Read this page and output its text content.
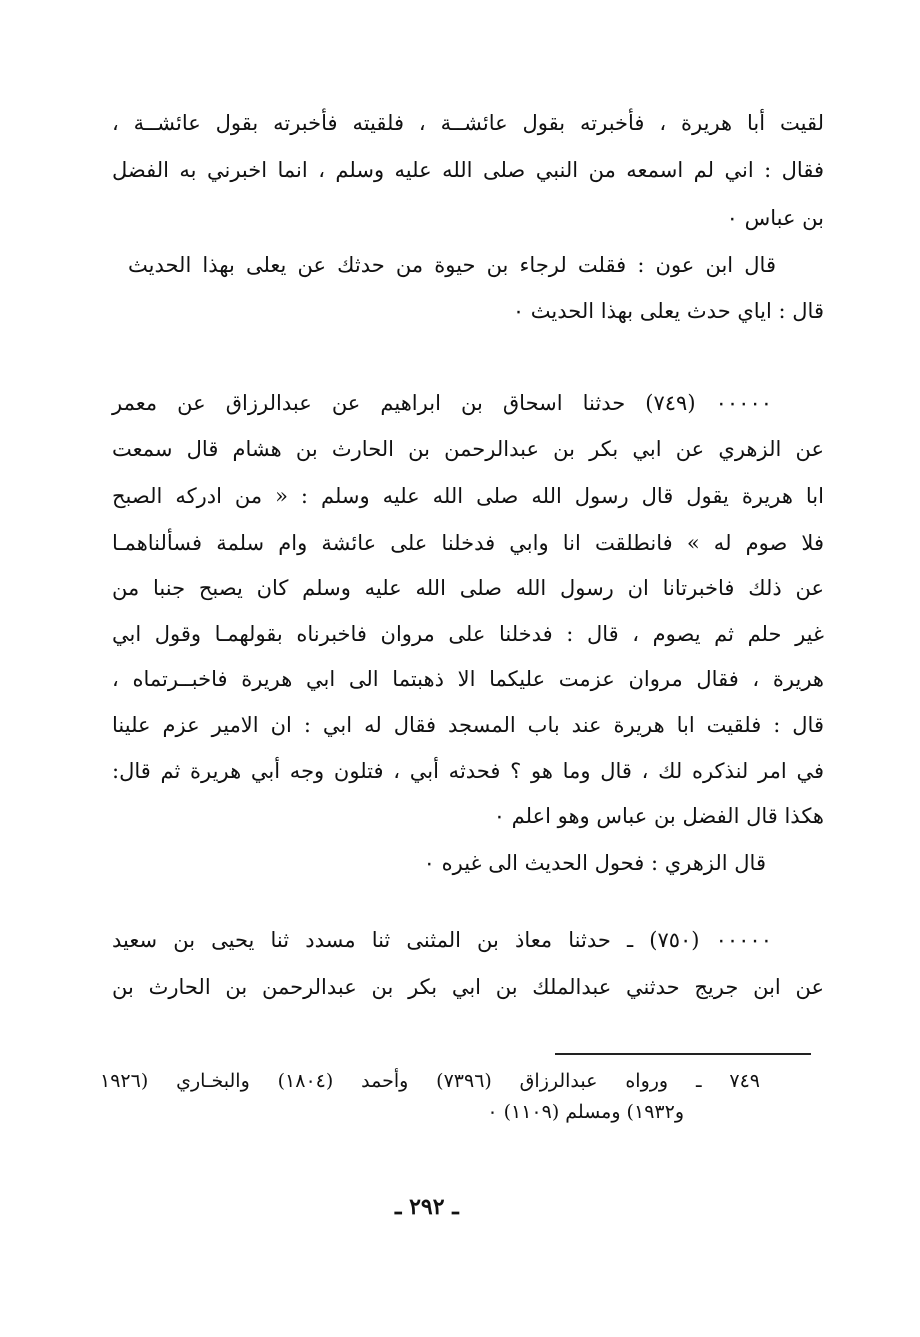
لقيت أبا هريرة ، فأخبرته بقول عائشــة ، فلقيته فأخبرته بقول عائشــة ،
فقال : اني لم اسمعه من النبي صلى الله عليه وسلم ، انما اخبرني به الفضل
بن عباس ٠
قال ابن عون : فقلت لرجاء بن حيوة من حدثك عن يعلى بهذا الحديث
قال : اياي حدث يعلى بهذا الحديث ٠
٠٠٠٠٠ (٧٤٩) حدثنا اسحاق بن ابراهيم عن عبدالرزاق عن معمر
عن الزهري عن ابي بكر بن عبدالرحمن بن الحارث بن هشام قال سمعت
ابا هريرة يقول قال رسول الله صلى الله عليه وسلم : « من ادركه الصبح
فلا صوم له » فانطلقت انا وابي فدخلنا على عائشة وام سلمة فسألناهمـا
عن ذلك فاخبرتانا ان رسول الله صلى الله عليه وسلم كان يصبح جنبا من
غير حلم ثم يصوم ، قال : فدخلنا على مروان فاخبرناه بقولهمـا وقول ابي
هريرة ، فقال مروان عزمت عليكما الا ذهبتما الى ابي هريرة فاخبــرتماه ،
قال : فلقيت ابا هريرة عند باب المسجد فقال له ابي : ان الامير عزم علينا
في امر لنذكره لك ، قال وما هو ؟ فحدثه أبي ، فتلون وجه أبي هريرة ثم قال:
هكذا قال الفضل بن عباس وهو اعلم ٠
قال الزهري : فحول الحديث الى غيره ٠
٠٠٠٠٠ (٧٥٠) ـ حدثنا معاذ بن المثنى ثنا مسدد ثنا يحيى بن سعيد
عن ابن جريج حدثني عبدالملك بن ابي بكر بن عبدالرحمن بن الحارث بن
٧٤٩ ـ ورواه عبدالرزاق (٧٣٩٦) وأحمد (١٨٠٤) والبخـاري (١٩٢٦
و١٩٣٢) ومسلم (١١٠٩) ٠
ـ ٢٩٢ ـ
